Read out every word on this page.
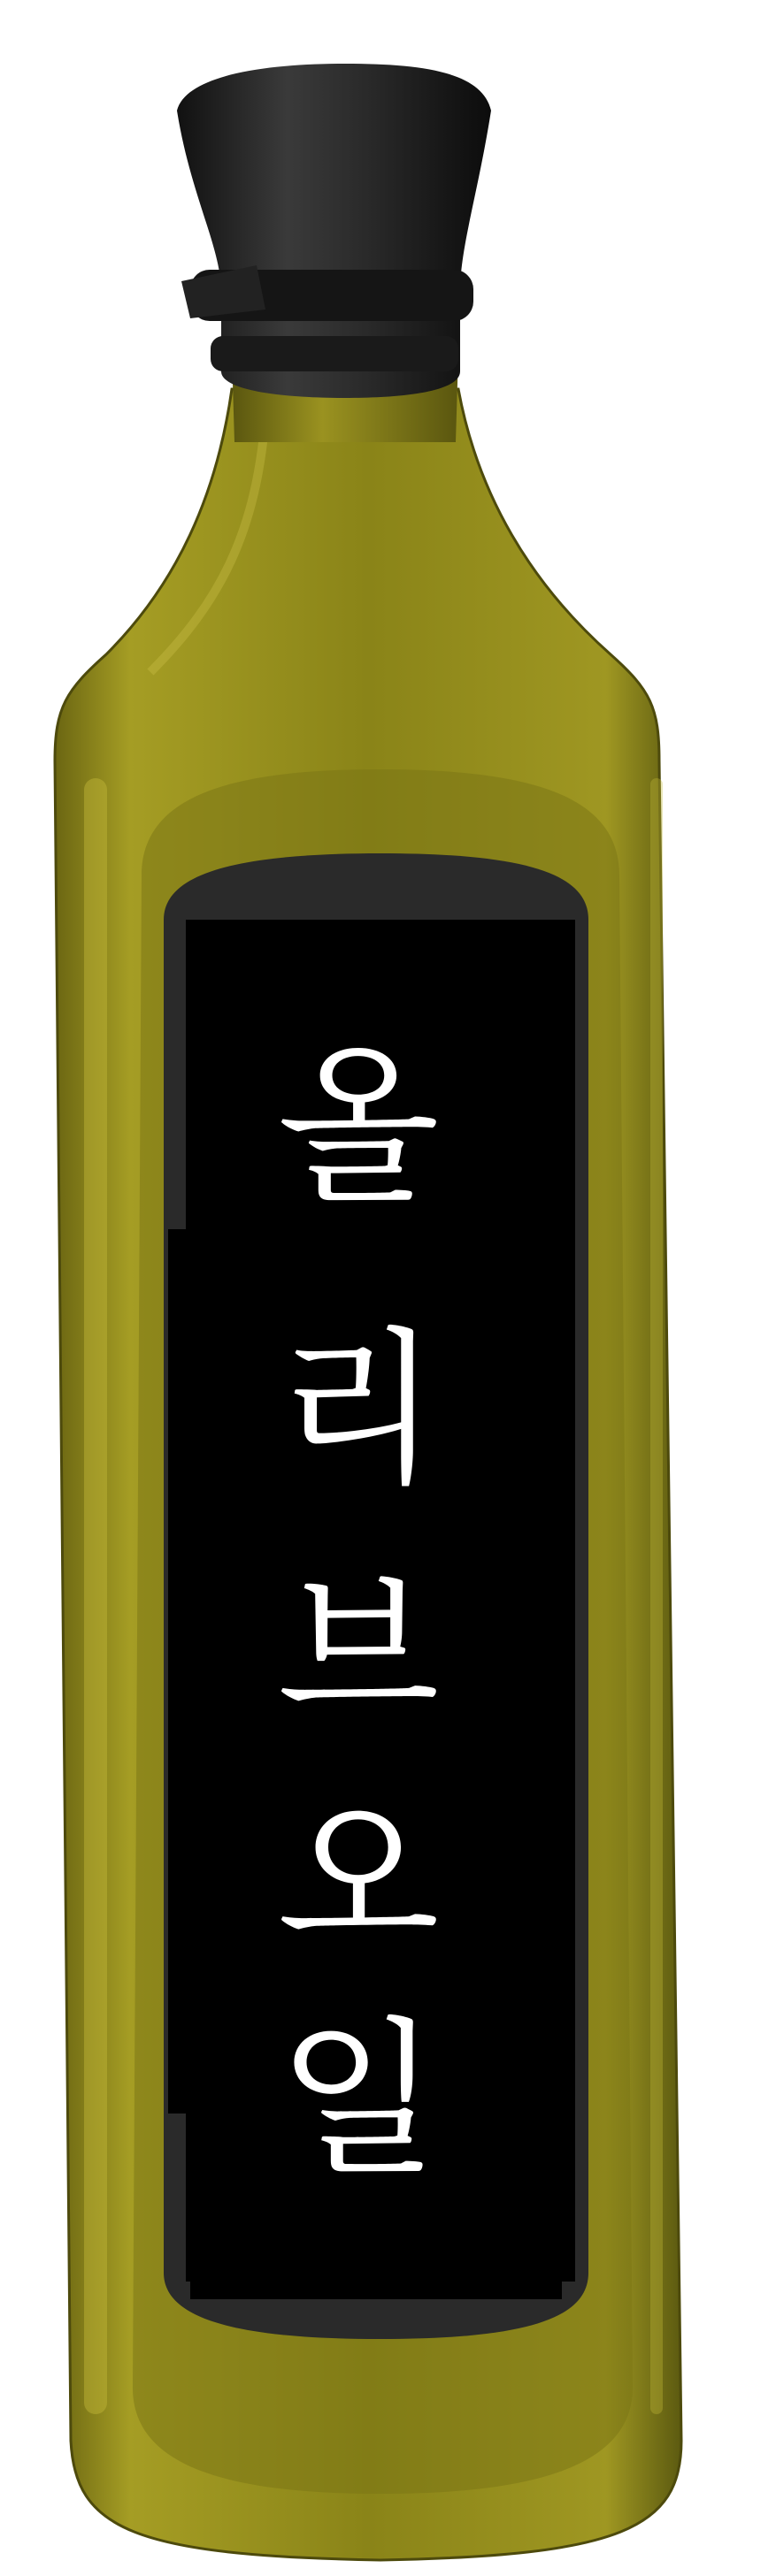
올
리
브
오
일
